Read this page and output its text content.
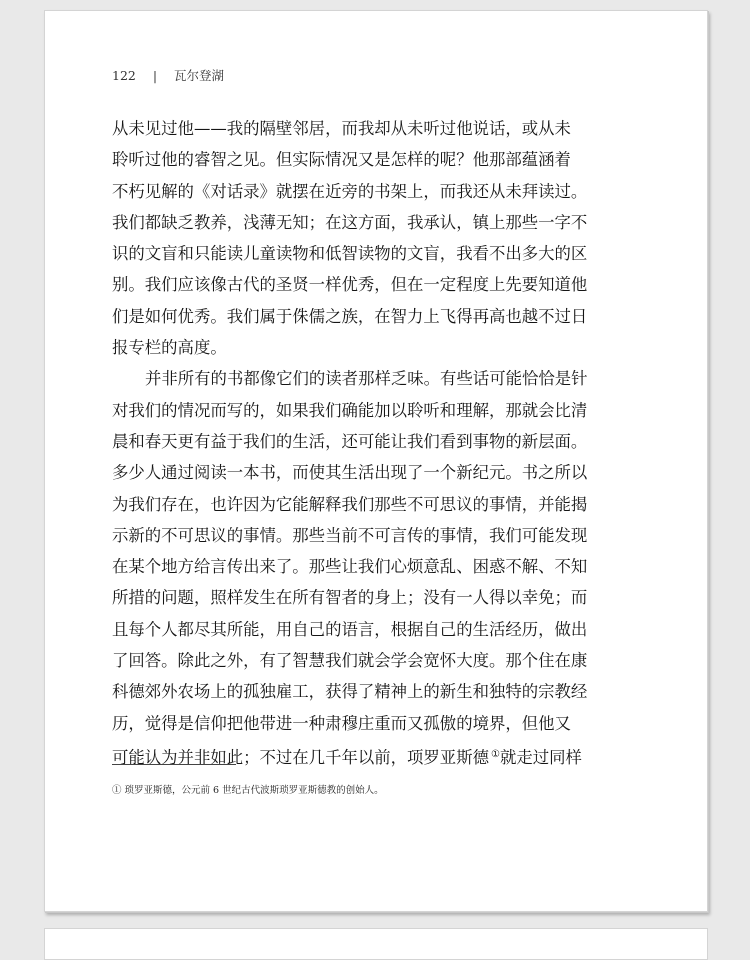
122 | 瓦尔登湖
从未见过他——我的隔壁邻居，而我却从未听过他说话，或从未
聆听过他的睿智之见。但实际情况又是怎样的呢？他那部蕴涵着
不朽见解的《对话录》就摆在近旁的书架上，而我还从未拜读过。
我们都缺乏教养，浅薄无知；在这方面，我承认，镇上那些一字不
识的文盲和只能读儿童读物和低智读物的文盲，我看不出多大的区
别。我们应该像古代的圣贤一样优秀，但在一定程度上先要知道他
们是如何优秀。我们属于侏儒之族，在智力上飞得再高也越不过日
报专栏的高度。
并非所有的书都像它们的读者那样乏味。有些话可能恰恰是针
对我们的情况而写的，如果我们确能加以聆听和理解，那就会比清
晨和春天更有益于我们的生活，还可能让我们看到事物的新层面。
多少人通过阅读一本书，而使其生活出现了一个新纪元。书之所以
为我们存在，也许因为它能解释我们那些不可思议的事情，并能揭
示新的不可思议的事情。那些当前不可言传的事情，我们可能发现
在某个地方给言传出来了。那些让我们心烦意乱、困惑不解、不知
所措的问题，照样发生在所有智者的身上；没有一人得以幸免；而
且每个人都尽其所能，用自己的语言，根据自己的生活经历，做出
了回答。除此之外，有了智慧我们就会学会宽怀大度。那个住在康
科德郊外农场上的孤独雇工，获得了精神上的新生和独特的宗教经
历，觉得是信仰把他带进一种肃穆庄重而又孤傲的境界，但他又
可能认为并非如此；不过在几千年以前，项罗亚斯德 ①就走过同样
① 琐罗亚斯德，公元前 6 世纪古代波斯琐罗亚斯德教的创始人。
